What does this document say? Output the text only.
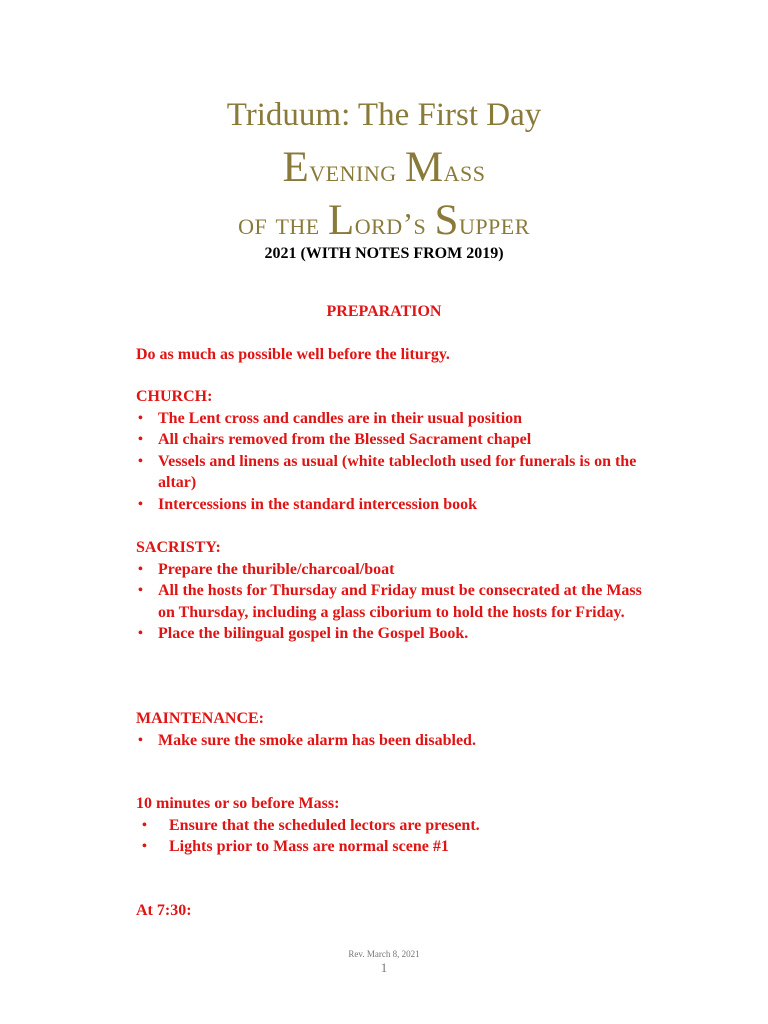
Triduum: The First Day
Evening Mass
of the Lord’s Supper
2021 (WITH NOTES FROM 2019)
PREPARATION
Do as much as possible well before the liturgy.
CHURCH:
• The Lent cross and candles are in their usual position
• All chairs removed from the Blessed Sacrament chapel
• Vessels and linens as usual (white tablecloth used for funerals is on the altar)
• Intercessions in the standard intercession book
SACRISTY:
• Prepare the thurible/charcoal/boat
• All the hosts for Thursday and Friday must be consecrated at the Mass on Thursday, including a glass ciborium to hold the hosts for Friday.
• Place the bilingual gospel in the Gospel Book.
MAINTENANCE:
• Make sure the smoke alarm has been disabled.
10 minutes or so before Mass:
• Ensure that the scheduled lectors are present.
• Lights prior to Mass are normal scene #1
At 7:30:
Rev. March 8, 2021
1
